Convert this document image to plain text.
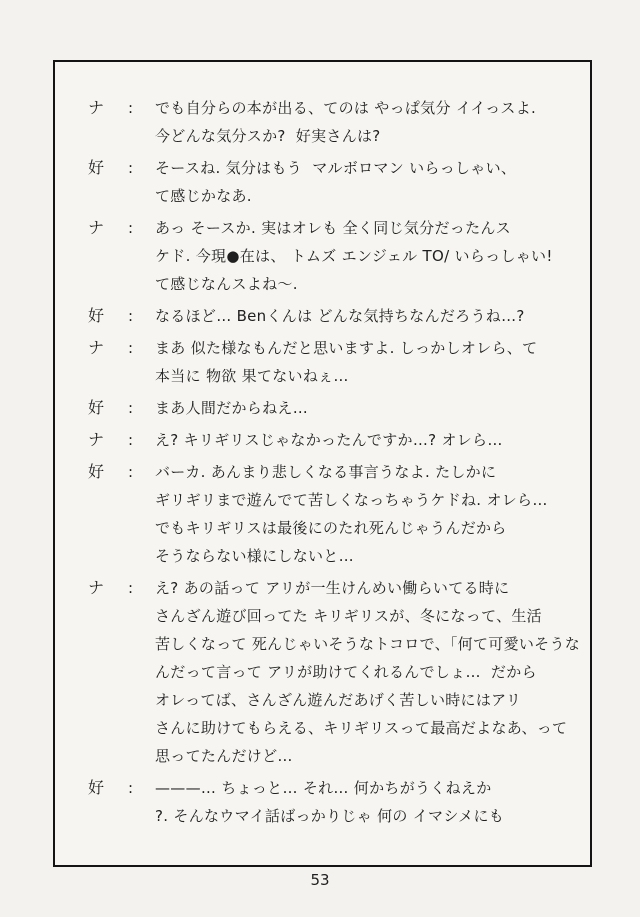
ナ	:	でも自分らの本が出る、てのは やっぱ気分 イイっスよ.
今どんな気分スか?  好実さんは?
好	:	そースね. 気分はもう  マルボロマン いらっしゃい、
て感じかなあ.
ナ	:	あっ そースか. 実はオレも 全く同じ気分だったんス
ケド. 今現●在は、 トムズ エンジェル TO/ いらっしゃい!
て感じなんスよね〜.
好	:	なるほど… Benくんは どんな気持ちなんだろうね…?
ナ	:	まあ 似た様なもんだと思いますよ. しっかしオレら、て
本当に 物欲 果てないねぇ…
好	:	まあ人間だからねえ…
ナ	:	え? キリギリスじゃなかったんですか…? オレら…
好	:	バーカ. あんまり悲しくなる事言うなよ. たしかに
ギリギリまで遊んでて苦しくなっちゃうケドね. オレら…
でもキリギリスは最後にのたれ死んじゃうんだから
そうならない様にしないと…
ナ	:	え? あの話って アリが一生けんめい働らいてる時に
さんざん遊び回ってた キリギリスが、冬になって、生活
苦しくなって 死んじゃいそうなトコロで、「何て可愛いそうな
んだって言って アリが助けてくれるんでしょ…  だから
オレってば、さんざん遊んだあげく苦しい時にはアリ
さんに助けてもらえる、キリギリスって最高だよなあ、って
思ってたんだけど…
好	:	———… ちょっと… それ… 何かちがうくねえか
?. そんなウマイ話ばっかりじゃ 何の イマシメにも
53
